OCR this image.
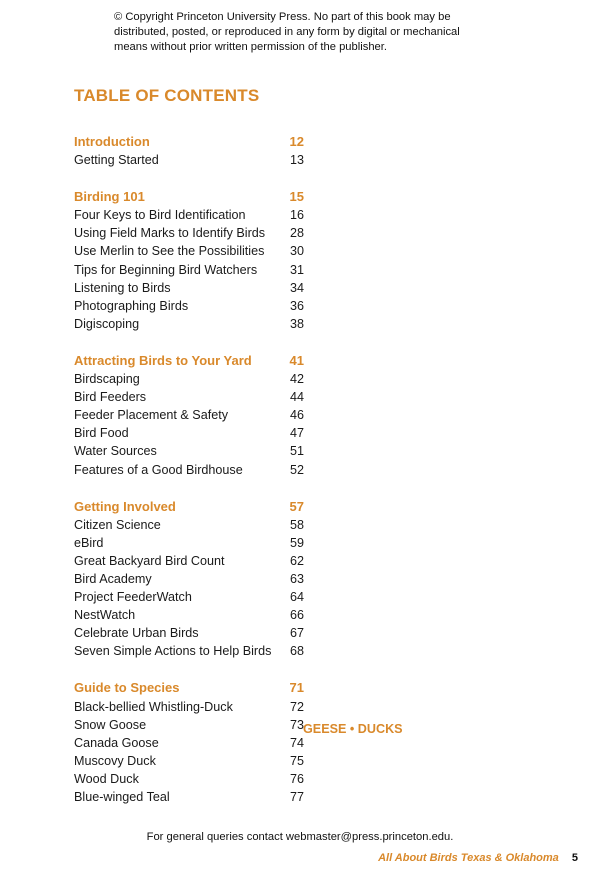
© Copyright Princeton University Press. No part of this book may be distributed, posted, or reproduced in any form by digital or mechanical means without prior written permission of the publisher.
TABLE OF CONTENTS
Introduction	12
Getting Started	13
Birding 101	15
Four Keys to Bird Identification	16
Using Field Marks to Identify Birds	28
Use Merlin to See the Possibilities	30
Tips for Beginning Bird Watchers	31
Listening to Birds	34
Photographing Birds	36
Digiscoping	38
Attracting Birds to Your Yard	41
Birdscaping	42
Bird Feeders	44
Feeder Placement & Safety	46
Bird Food	47
Water Sources	51
Features of a Good Birdhouse	52
Getting Involved	57
Citizen Science	58
eBird	59
Great Backyard Bird Count	62
Bird Academy	63
Project FeederWatch	64
NestWatch	66
Celebrate Urban Birds	67
Seven Simple Actions to Help Birds	68
Guide to Species	71
Black-bellied Whistling-Duck	72
Snow Goose	73
Canada Goose	74
Muscovy Duck	75
Wood Duck	76
Blue-winged Teal	77
GEESE • DUCKS
For general queries contact webmaster@press.princeton.edu.
All About Birds Texas & Oklahoma 5
